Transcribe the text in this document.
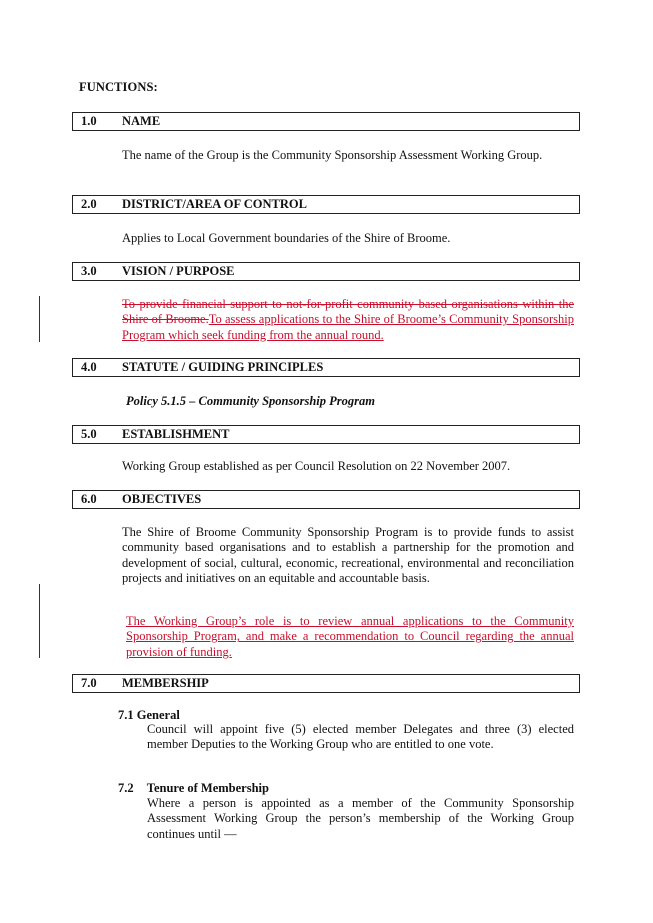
FUNCTIONS:
1.0 NAME
The name of the Group is the Community Sponsorship Assessment Working Group.
2.0 DISTRICT/AREA OF CONTROL
Applies to Local Government boundaries of the Shire of Broome.
3.0 VISION / PURPOSE
To provide financial support to not-for-profit community based organisations within the Shire of Broome.To assess applications to the Shire of Broome’s Community Sponsorship Program which seek funding from the annual round.
4.0 STATUTE / GUIDING PRINCIPLES
Policy 5.1.5 – Community Sponsorship Program
5.0 ESTABLISHMENT
Working Group established as per Council Resolution on 22 November 2007.
6.0 OBJECTIVES
The Shire of Broome Community Sponsorship Program is to provide funds to assist community based organisations and to establish a partnership for the promotion and development of social, cultural, economic, recreational, environmental and reconciliation projects and initiatives on an equitable and accountable basis.
The Working Group’s role is to review annual applications to the Community Sponsorship Program, and make a recommendation to Council regarding the annual provision of funding.
7.0 MEMBERSHIP
7.1 General
Council will appoint five (5) elected member Delegates and three (3) elected member Deputies to the Working Group who are entitled to one vote.
7.2 Tenure of Membership
Where a person is appointed as a member of the Community Sponsorship Assessment Working Group the person’s membership of the Working Group continues until —
